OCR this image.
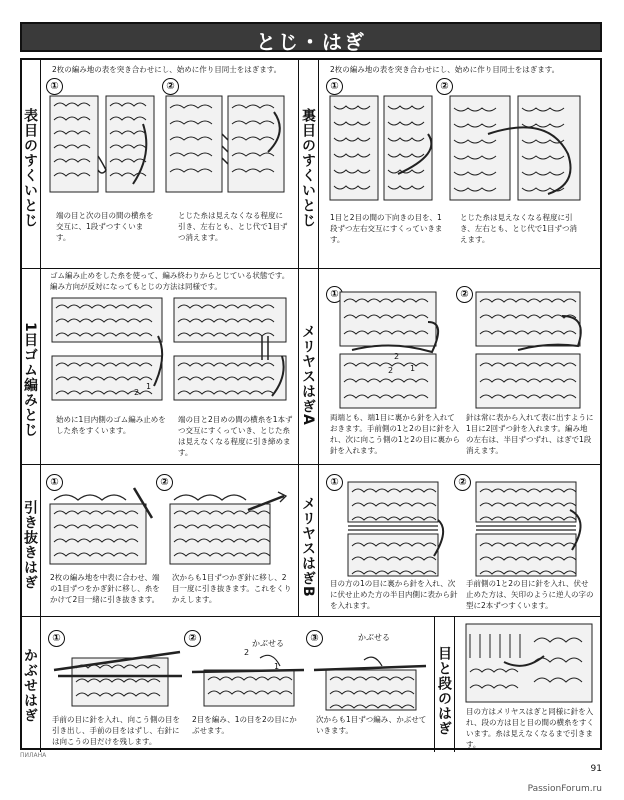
とじ・はぎ
表目のすくいとじ
2枚の編み地の表を突き合わせにし、始めに作り目同士をはぎます。
①	②
端の目と次の目の間の横糸を交互に、1段ずつすくいます。
とじた糸は見えなくなる程度に引き、左右とも、とじ代で1目ずつ消えます。
裏目のすくいとじ
2枚の編み地の表を突き合わせにし、始めに作り目同士をはぎます。
①	②
1目と2目の間の下向きの目を、1段ずつ左右交互にすくっていきます。
とじた糸は見えなくなる程度に引き、左右とも、とじ代で1目ずつ消えます。
1目ゴム編みとじ
ゴム編み止めをした糸を使って、編み終わりからとじている状態です。編み方向が反対になってもとじの方法は同様です。
1
2
始めに1目内側のゴム編み止めをした糸をすくいます。
端の目と2目めの間の横糸を1本ずつ交互にすくっていき、とじた糸は見えなくなる程度に引き締めます。
メリヤスはぎA
①	②
2
1
2
両端とも、端1目に裏から針を入れておきます。手前側の1と2の目に針を入れ、次に向こう側の1と2の目に裏から針を入れます。
針は常に表から入れて表に出すように1目に2回ずつ針を入れます。編み地の左右は、半目ずつずれ、はぎで1段消えます。
引き抜きはぎ
①	②
2枚の編み地を中表に合わせ、端の1目ずつをかぎ針に移し、糸をかけて2目一緒に引き抜きます。
次からも1目ずつかぎ針に移し、2目一度に引き抜きます。これをくりかえします。
メリヤスはぎB
①	②
目の方の1の目に裏から針を入れ、次に伏せ止めた方の半目内側に表から針を入れます。
手前側の1と2の目に針を入れ、伏せ止めた方は、矢印のように逆人の字の型に2本ずつすくいます。
かぶせはぎ
①	②	③
2
1
かぶせる
かぶせる
手前の目に針を入れ、向こう側の目を引き出し、手前の目をはずし、右針には向こうの目だけを残します。
2目を編み、1の目を2の目にかぶせます。
次からも1目ずつ編み、かぶせていきます。	目と段のはぎ 目の方はメリヤスはぎと同様に針を入れ、段の方は目と目の間の横糸をすくいます。糸は見えなくなるまで引きます。
ПИЛАНА
91
PassionForum.ru
